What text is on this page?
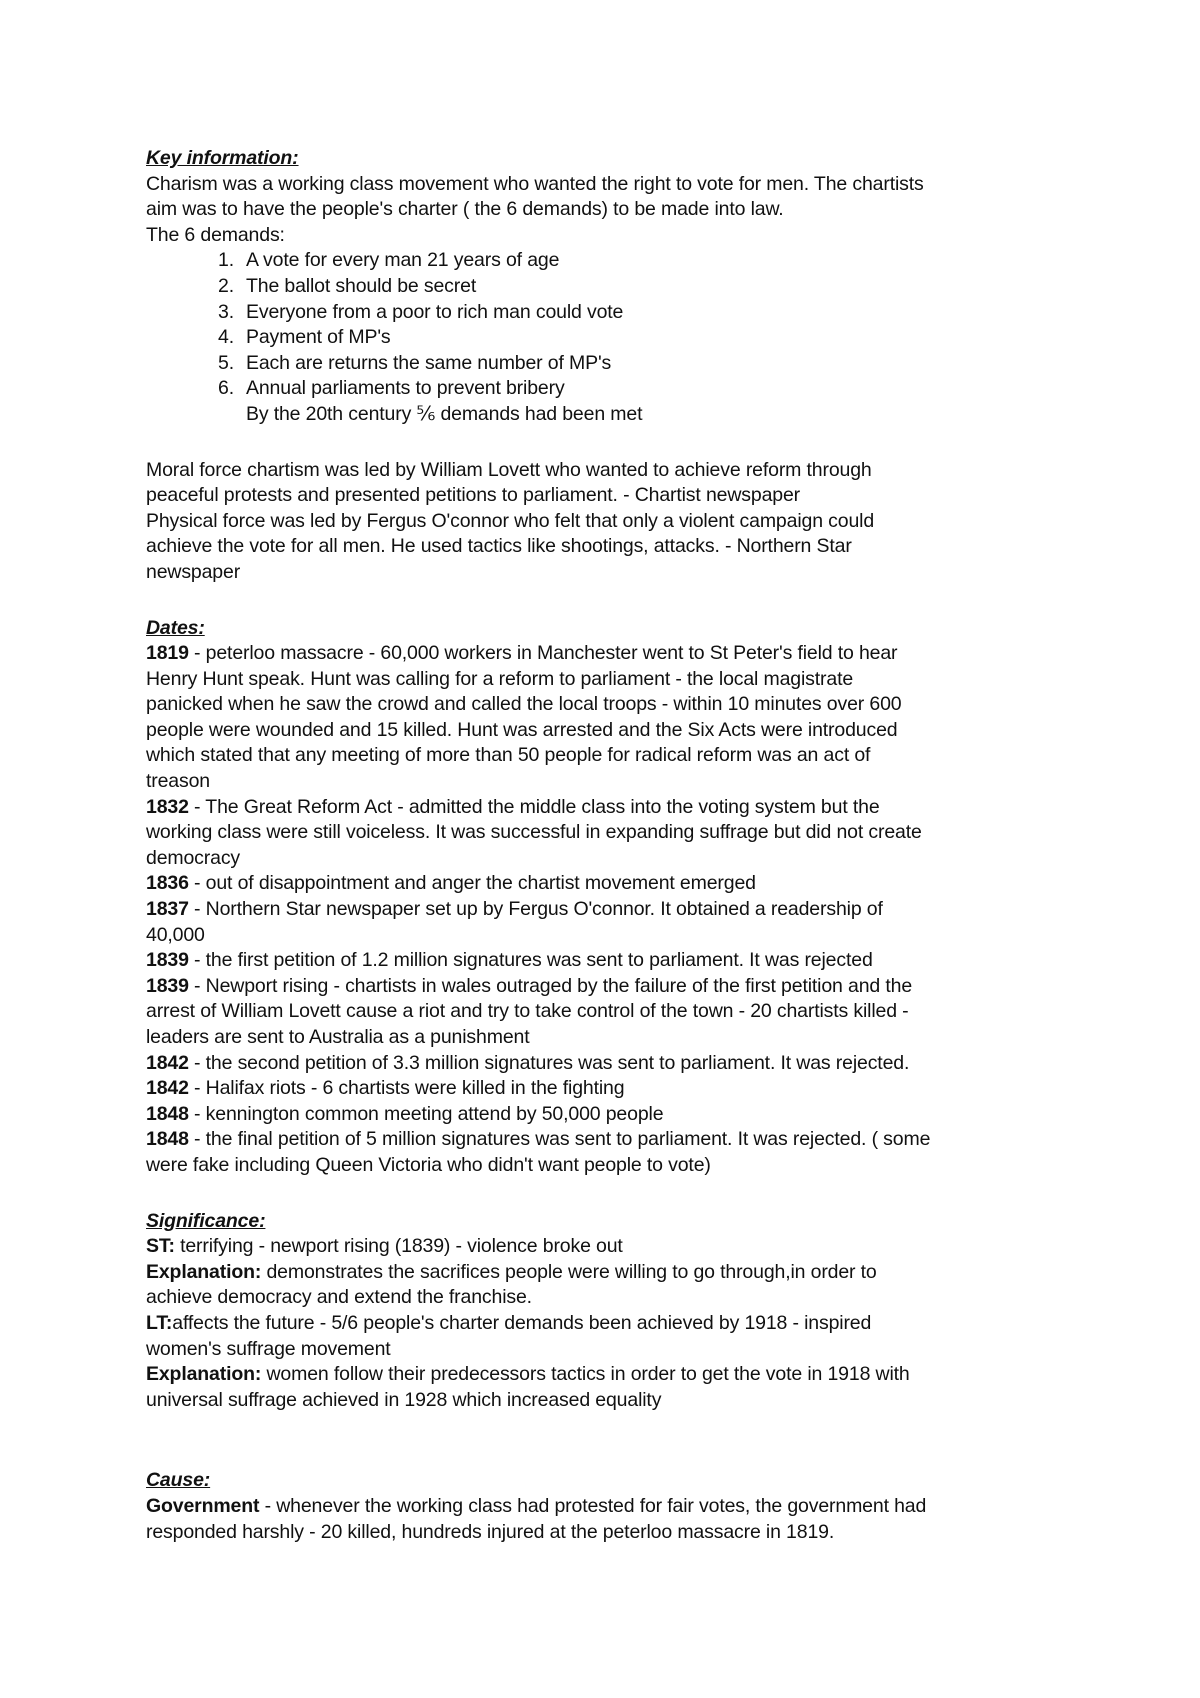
Key information:
Charism was a working class movement who wanted the right to vote for men. The chartists
aim was to have the people's charter ( the 6 demands) to be made into law.
The 6 demands:
1. A vote for every man 21 years of age
2. The ballot should be secret
3. Everyone from a poor to rich man could vote
4. Payment of MP's
5. Each are returns the same number of MP's
6. Annual parliaments to prevent bribery
By the 20th century ⅚ demands had been met
Moral force chartism was led by William Lovett who wanted to achieve reform through
peaceful protests and presented petitions to parliament. - Chartist newspaper
Physical force was led by Fergus O'connor who felt that only a violent campaign could
achieve the vote for all men. He used tactics like shootings, attacks. - Northern Star
newspaper
Dates:
1819 - peterloo massacre - 60,000 workers in Manchester went to St Peter's field to hear
Henry Hunt speak. Hunt was calling for a reform to parliament - the local magistrate
panicked when he saw the crowd and called the local troops - within 10 minutes over 600
people were wounded and 15 killed. Hunt was arrested and the Six Acts were introduced
which stated that any meeting of more than 50 people for radical reform was an act of
treason
1832 - The Great Reform Act - admitted the middle class into the voting system but the
working class were still voiceless. It was successful in expanding suffrage but did not create
democracy
1836 - out of disappointment and anger the chartist movement emerged
1837 - Northern Star newspaper set up by Fergus O'connor. It obtained a readership of
40,000
1839 - the first petition of 1.2 million signatures was sent to parliament. It was rejected
1839 - Newport rising - chartists in wales outraged by the failure of the first petition and the
arrest of William Lovett cause a riot and try to take control of the town - 20 chartists killed -
leaders are sent to Australia as a punishment
1842 - the second petition of 3.3 million signatures was sent to parliament. It was rejected.
1842 - Halifax riots - 6 chartists were killed in the fighting
1848 - kennington common meeting attend by 50,000 people
1848 - the final petition of 5 million signatures was sent to parliament. It was rejected. ( some
were fake including Queen Victoria who didn't want people to vote)
Significance:
ST: terrifying - newport rising (1839) - violence broke out
Explanation: demonstrates the sacrifices people were willing to go through,in order to
achieve democracy and extend the franchise.
LT:affects the future - 5/6 people's charter demands been achieved by 1918 - inspired
women's suffrage movement
Explanation: women follow their predecessors tactics in order to get the vote in 1918 with
universal suffrage achieved in 1928 which increased equality
Cause:
Government - whenever the working class had protested for fair votes, the government had
responded harshly - 20 killed, hundreds injured at the peterloo massacre in 1819.
